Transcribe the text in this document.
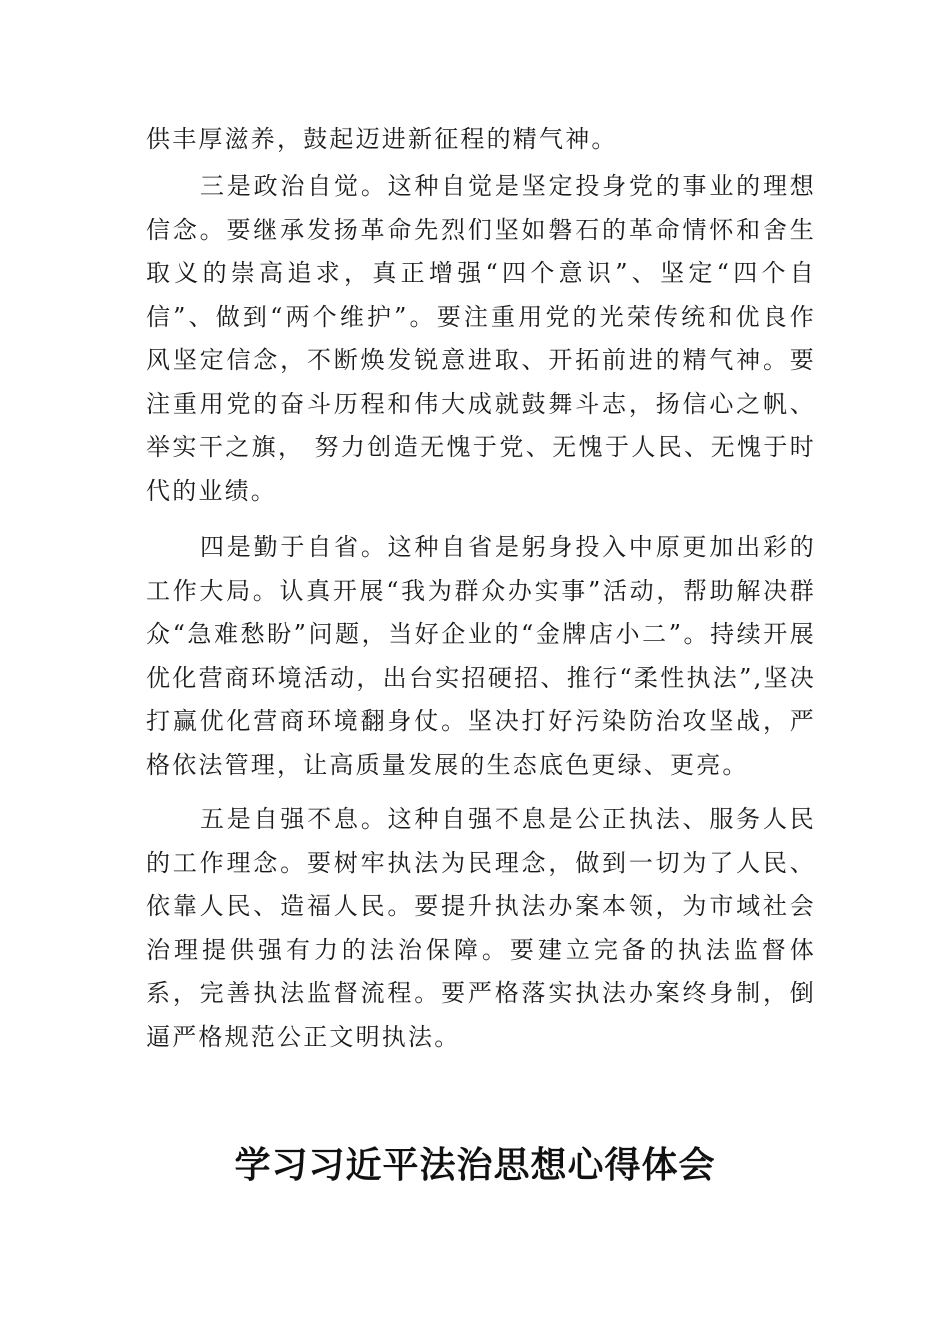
供丰厚滋养，鼓起迈进新征程的精气神。

三是政治自觉。这种自觉是坚定投身党的事业的理想信念。要继承发扬革命先烈们坚如磐石的革命情怀和舍生取义的崇高追求，真正增强“四个意识”、坚定“四个自信”、做到“两个维护”。要注重用党的光荣传统和优良作风坚定信念，不断焕发锐意进取、开拓前进的精气神。要注重用党的奋斗历程和伟大成就鼓舞斗志，扬信心之帆、举实干之旗， 努力创造无愧于党、无愧于人民、无愧于时代的业绩。

四是勤于自省。这种自省是躬身投入中原更加出彩的工作大局。认真开展“我为群众办实事”活动，帮助解决群众“急难愁盼”问题，当好企业的“金牌店小二”。持续开展优化营商环境活动，出台实招硬招、推行“柔性执法”,坚决打赢优化营商环境翻身仗。坚决打好污染防治攻坚战，严格依法管理，让高质量发展的生态底色更绿、更亮。

五是自强不息。这种自强不息是公正执法、服务人民的工作理念。要树牢执法为民理念，做到一切为了人民、依靠人民、造福人民。要提升执法办案本领，为市域社会治理提供强有力的法治保障。要建立完备的执法监督体系，完善执法监督流程。要严格落实执法办案终身制，倒逼严格规范公正文明执法。

学习习近平法治思想心得体会
